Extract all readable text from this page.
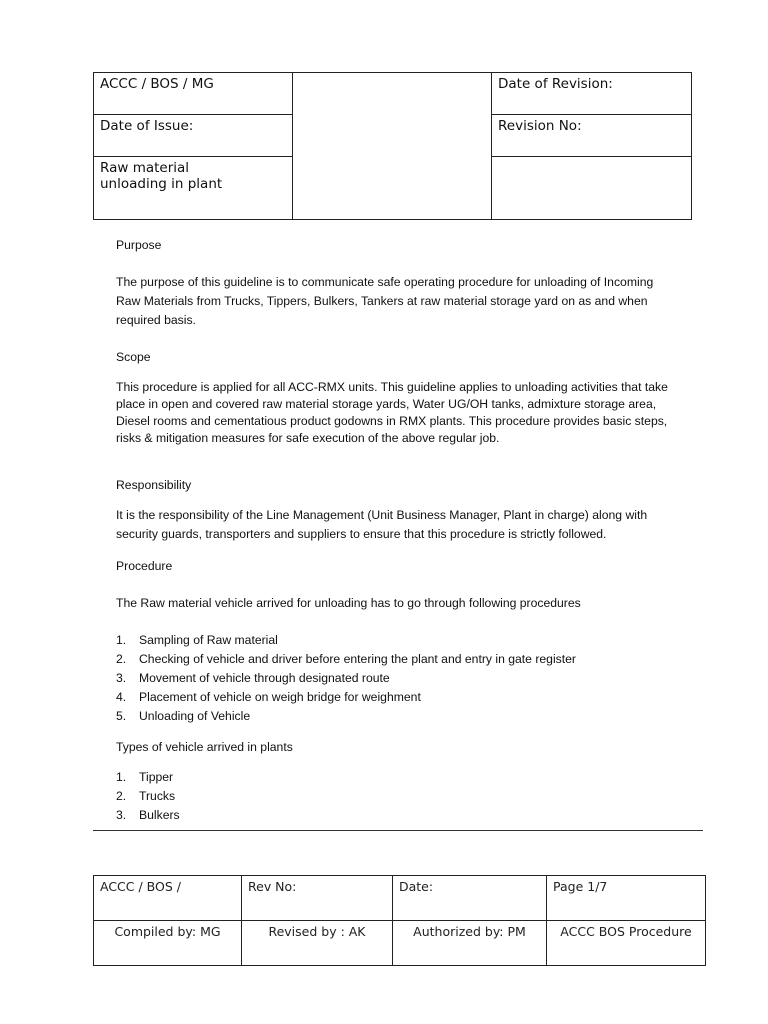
ACCC / BOS / MG		Date of Revision:
Date of Issue:		Revision No:
Raw material unloading in plant		
Purpose
The purpose of this guideline is to communicate safe operating procedure for unloading of Incoming Raw Materials from Trucks, Tippers, Bulkers, Tankers at raw material storage yard on as and when required basis.
Scope
This procedure is applied for all ACC-RMX units. This guideline applies to unloading activities that take place in open and covered raw material storage yards, Water UG/OH tanks, admixture storage area, Diesel rooms and cementatious product godowns in RMX plants. This procedure provides basic steps, risks & mitigation measures for safe execution of the above regular job.
Responsibility
It is the responsibility of the Line Management (Unit Business Manager, Plant in charge) along with security guards, transporters and suppliers to ensure that this procedure is strictly followed.
Procedure
The Raw material vehicle arrived for unloading has to go through following procedures
1. Sampling of Raw material
2. Checking of vehicle and driver before entering the plant and entry in gate register
3. Movement of vehicle through designated route
4. Placement of vehicle on weigh bridge for weighment
5. Unloading of Vehicle
Types of vehicle arrived in plants
1. Tipper
2. Trucks
3. Bulkers
ACCC / BOS /	Rev No:	Date:	Page 1/7
Compiled by: MG	Revised by : AK	Authorized by: PM	ACCC BOS Procedure
